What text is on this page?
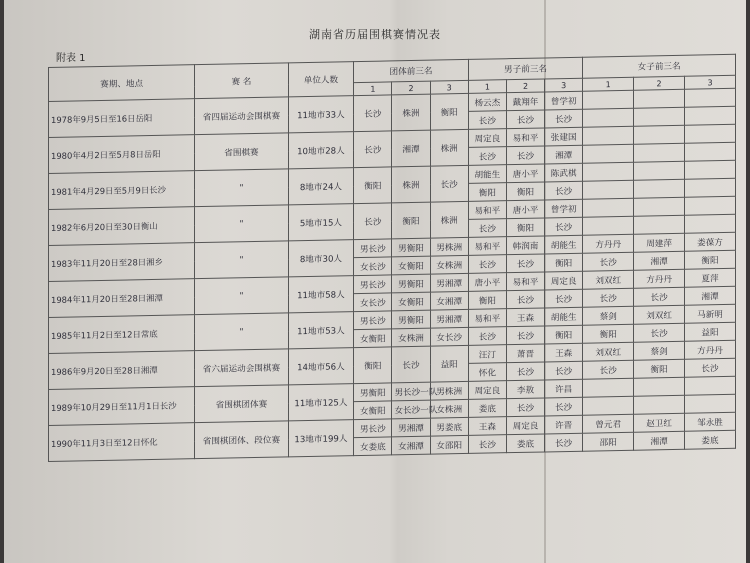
湖南省历届围棋赛情况表
附表 1
赛期、地点	赛 名	单位人数	团体前三名			男子前三名			女子前三名		
			1	2	3	1	2	3	1	2	3
1978年9月5日至16日岳阳	省四届运动会围棋赛	11地市33人	长沙	株洲	衡阳	杨云杰	戴翔年	曾学初			
						长沙	长沙	长沙			
1980年4月2日至5月8日岳阳	省围棋赛	10地市28人	长沙	湘潭	株洲	周定良	易和平	张建国			
						长沙	长沙	湘潭			
1981年4月29日至5月9日长沙	"	8地市24人	衡阳	株洲	长沙	胡能生	唐小平	陈武棋			
						衡阳	衡阳	长沙			
1982年6月20日至30日衡山	"	5地市15人	长沙	衡阳	株洲	易和平	唐小平	曾学初			
						长沙	衡阳	长沙			
1983年11月20日至28日湘乡	"	8地市30人	男长沙	男衡阳	男株洲	易和平	韩润南	胡能生	方丹丹	周建萍	娄葆方
			女长沙	女衡阳	女株洲	长沙	长沙	衡阳	长沙	湘潭	衡阳
1984年11月20日至28日湘潭	"	11地市58人	男长沙	男衡阳	男湘潭	唐小平	易和平	周定良	刘双红	方丹丹	夏萍
			女长沙	女衡阳	女湘潭	衡阳	长沙	长沙	长沙	长沙	湘潭
1985年11月2日至12日常底	"	11地市53人	男长沙	男衡阳	男湘潭	易和平	王森	胡能生	蔡剑	刘双红	马新明
			女衡阳	女株洲	女长沙	长沙	长沙	衡阳	衡阳	长沙	益阳
1986年9月20日至28日湘潭	省六届运动会围棋赛	14地市56人	衡阳	长沙	益阳	汪汀	萧晋	王森	刘双红	蔡剑	方丹丹
						怀化	长沙	长沙	长沙	衡阳	长沙
1989年10月29日至11月1日长沙	省围棋团体赛	11地市125人	男衡阳	男长沙一队	男株洲	周定良	李敖	许昌			
			女衡阳	女长沙一队	女株洲	娄底	长沙	长沙			
1990年11月3日至12日怀化	省围棋团体、段位赛	13地市199人	男长沙	男湘潭	男娄底	王森	周定良	许晋	曾元君	赵卫红	邹永胜
			女娄底	女湘潭	女邵阳	长沙	娄底	长沙	邵阳	湘潭	娄底
